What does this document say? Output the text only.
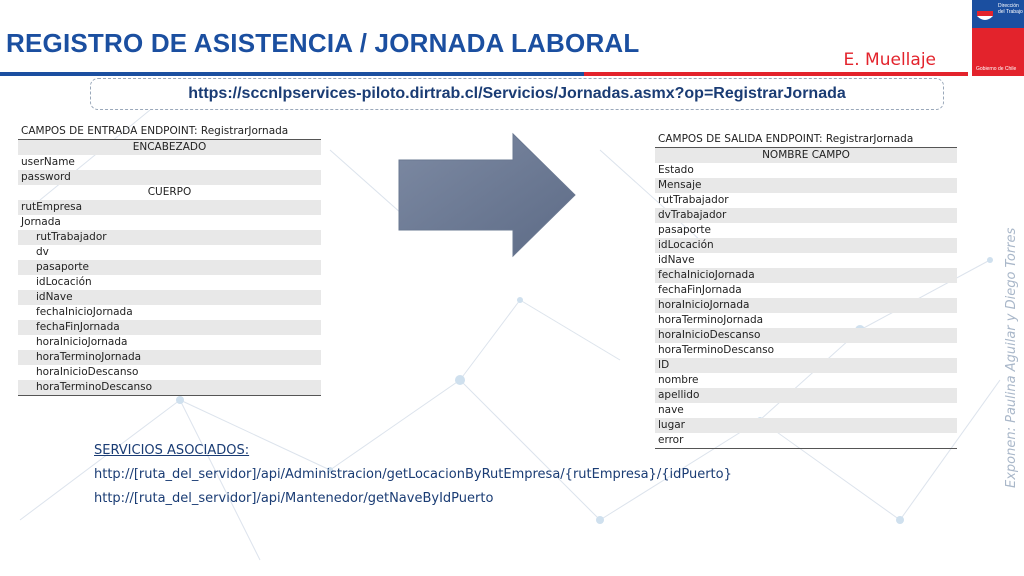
REGISTRO DE ASISTENCIA / JORNADA LABORAL
E. Muellaje
Dirección del Trabajo
Gobierno de Chile
https://sccnlpservices-piloto.dirtrab.cl/Servicios/Jornadas.asmx?op=RegistrarJornada
CAMPOS DE ENTRADA ENDPOINT: RegistrarJornada
ENCABEZADO
userName
password
CUERPO
rutEmpresa
Jornada
rutTrabajador
dv
pasaporte
idLocación
idNave
fechaInicioJornada
fechaFinJornada
horaInicioJornada
horaTerminoJornada
horaInicioDescanso
horaTerminoDescanso
CAMPOS DE SALIDA ENDPOINT: RegistrarJornada
NOMBRE CAMPO
Estado
Mensaje
rutTrabajador
dvTrabajador
pasaporte
idLocación
idNave
fechaInicioJornada
fechaFinJornada
horaInicioJornada
horaTerminoJornada
horaInicioDescanso
horaTerminoDescanso
ID
nombre
apellido
nave
lugar
error
SERVICIOS ASOCIADOS:
http://[ruta_del_servidor]/api/Administracion/getLocacionByRutEmpresa/{rutEmpresa}/{idPuerto}
http://[ruta_del_servidor]/api/Mantenedor/getNaveByIdPuerto
Exponen: Paulina Aguilar y Diego Torres
